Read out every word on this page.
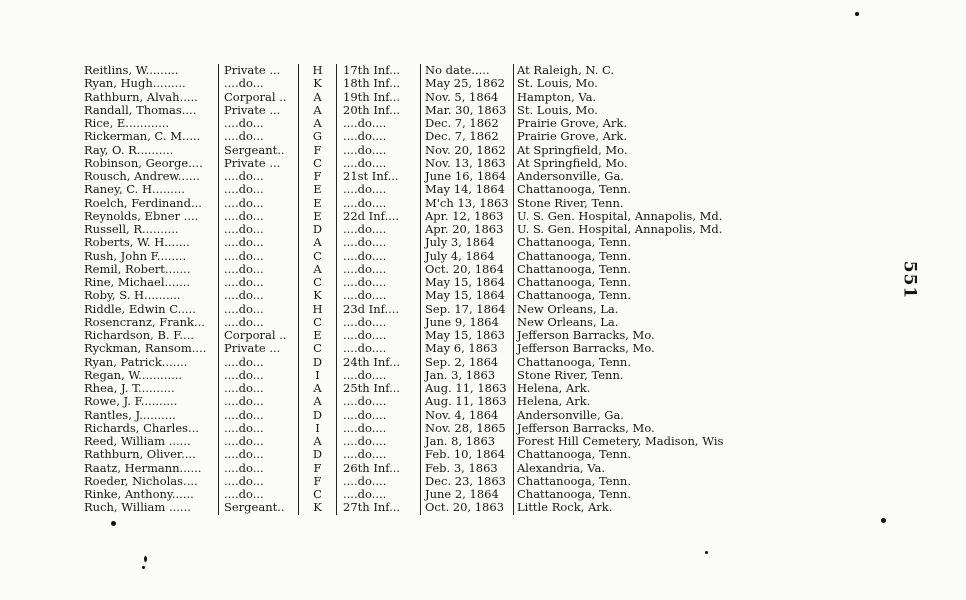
Reitlins, W.........	Private ...	H	17th Inf...	No date.....	At Raleigh, N. C.
Ryan, Hugh.........	....do...	K	18th Inf...	May 25, 1862	St. Louis, Mo.
Rathburn, Alvah.....	Corporal ..	A	19th Inf...	Nov. 5, 1864	Hampton, Va.
Randall, Thomas....	Private ...	A	20th Inf...	Mar. 30, 1863 St. Louis, Mo.
Rice, E............	....do...	A	....do....	Dec. 7, 1862	Prairie Grove, Ark.
Rickerman, C. M.....	....do...	G	....do....	Dec. 7, 1862	Prairie Grove, Ark.
Ray, O. R..........	Sergeant..	F	....do....	Nov. 20, 1862 At Springfield, Mo.
Robinson, George....	Private ...	C	....do....	Nov. 13, 1863 At Springfield, Mo.
Rousch, Andrew......	....do...	F	21st Inf...	June 16, 1864 Andersonville, Ga.
Raney, C. H.........	....do...	E	....do....	May 14, 1864	Chattanooga, Tenn.
Roelch, Ferdinand...	....do...	E	....do....	M'ch 13, 1863 Stone River, Tenn.
Reynolds, Ebner ....	....do...	E	22d Inf....	Apr. 12, 1863	U. S. Gen. Hospital, Annapolis, Md.
Russell, R..........	....do...	D	....do....	Apr. 20, 1863	U. S. Gen. Hospital, Annapolis, Md.
Roberts, W. H.......	....do...	A	....do....	July 3, 1864	Chattanooga, Tenn.
Rush, John F........	....do...	C	....do....	July 4, 1864	Chattanooga, Tenn.
Remil, Robert.......	....do...	A	....do....	Oct. 20, 1864	Chattanooga, Tenn.
Rine, Michael.......	....do...	C	....do....	May 15, 1864	Chattanooga, Tenn.
Roby, S. H..........	....do...	K	....do....	May 15, 1864	Chattanooga, Tenn.
Riddle, Edwin C.....	....do...	H	23d Inf....	Sep. 17, 1864 New Orleans, La.
Rosencranz, Frank...	....do...	C	....do....	June 9, 1864	New Orleans, La.
Richardson, B. F....	Corporal ..	E	....do....	May 15, 1863	Jefferson Barracks, Mo.
Ryckman, Ransom....	Private ...	C	....do....	May 6, 1863	Jefferson Barracks, Mo.
Ryan, Patrick.......	....do...	D	24th Inf...	Sep. 2, 1864	Chattanooga, Tenn.
Regan, W............	....do...	I	....do....	Jan. 3, 1863	Stone River, Tenn.
Rhea, J. T..........	....do...	A	25th Inf...	Aug. 11, 1863 Helena, Ark.
Rowe, J. F..........	....do...	A	....do....	Aug. 11, 1863 Helena, Ark.
Rantles, J..........	....do...	D	....do....	Nov. 4, 1864	Andersonville, Ga.
Richards, Charles...	....do...	I	....do....	Nov. 28, 1865 Jefferson Barracks, Mo.
Reed, William ......	....do...	A	....do....	Jan. 8, 1863	Forest Hill Cemetery, Madison, Wis
Rathburn, Oliver....	....do...	D	....do....	Feb. 10, 1864	Chattanooga, Tenn.
Raatz, Hermann......	....do...	F	26th Inf...	Feb. 3, 1863	Alexandria, Va.
Roeder, Nicholas....	....do...	F	....do....	Dec. 23, 1863 Chattanooga, Tenn.
Rinke, Anthony......	....do...	C	....do....	June 2, 1864	Chattanooga, Tenn.
Ruch, William ......	Sergeant..	K	27th Inf...	Oct. 20, 1863	Little Rock, Ark.
551
